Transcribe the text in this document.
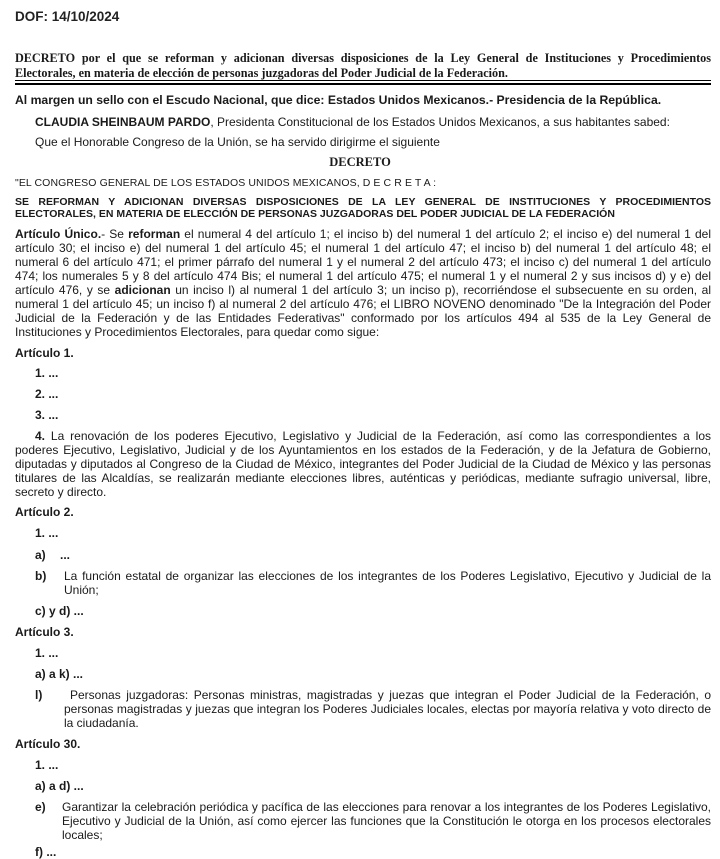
DOF: 14/10/2024
DECRETO por el que se reforman y adicionan diversas disposiciones de la Ley General de Instituciones y Procedimientos Electorales, en materia de elección de personas juzgadoras del Poder Judicial de la Federación.
Al margen un sello con el Escudo Nacional, que dice: Estados Unidos Mexicanos.- Presidencia de la República.
CLAUDIA SHEINBAUM PARDO, Presidenta Constitucional de los Estados Unidos Mexicanos, a sus habitantes sabed:
Que el Honorable Congreso de la Unión, se ha servido dirigirme el siguiente
DECRETO
"EL CONGRESO GENERAL DE LOS ESTADOS UNIDOS MEXICANOS, D E C R E T A :
SE REFORMAN Y ADICIONAN DIVERSAS DISPOSICIONES DE LA LEY GENERAL DE INSTITUCIONES Y PROCEDIMIENTOS ELECTORALES, EN MATERIA DE ELECCIÓN DE PERSONAS JUZGADORAS DEL PODER JUDICIAL DE LA FEDERACIÓN
Artículo Único.- Se reforman el numeral 4 del artículo 1; el inciso b) del numeral 1 del artículo 2; el inciso e) del numeral 1 del artículo 30; el inciso e) del numeral 1 del artículo 45; el numeral 1 del artículo 47; el inciso b) del numeral 1 del artículo 48; el numeral 6 del artículo 471; el primer párrafo del numeral 1 y el numeral 2 del artículo 473; el inciso c) del numeral 1 del artículo 474; los numerales 5 y 8 del artículo 474 Bis; el numeral 1 del artículo 475; el numeral 1 y el numeral 2 y sus incisos d) y e) del artículo 476, y se adicionan un inciso l) al numeral 1 del artículo 3; un inciso p), recorriéndose el subsecuente en su orden, al numeral 1 del artículo 45; un inciso f) al numeral 2 del artículo 476; el LIBRO NOVENO denominado "De la Integración del Poder Judicial de la Federación y de las Entidades Federativas" conformado por los artículos 494 al 535 de la Ley General de Instituciones y Procedimientos Electorales, para quedar como sigue:
Artículo 1.
1. ...
2. ...
3. ...
4. La renovación de los poderes Ejecutivo, Legislativo y Judicial de la Federación, así como las correspondientes a los poderes Ejecutivo, Legislativo, Judicial y de los Ayuntamientos en los estados de la Federación, y de la Jefatura de Gobierno, diputadas y diputados al Congreso de la Ciudad de México, integrantes del Poder Judicial de la Ciudad de México y las personas titulares de las Alcaldías, se realizarán mediante elecciones libres, auténticas y periódicas, mediante sufragio universal, libre, secreto y directo.
Artículo 2.
1. ...
a) ...
b) La función estatal de organizar las elecciones de los integrantes de los Poderes Legislativo, Ejecutivo y Judicial de la Unión;
c) y d) ...
Artículo 3.
1. ...
a) a k) ...
l)	Personas juzgadoras: Personas ministras, magistradas y juezas que integran el Poder Judicial de la Federación, o personas magistradas y juezas que integran los Poderes Judiciales locales, electas por mayoría relativa y voto directo de la ciudadanía.
Artículo 30.
1. ...
a) a d) ...
e) Garantizar la celebración periódica y pacífica de las elecciones para renovar a los integrantes de los Poderes Legislativo, Ejecutivo y Judicial de la Unión, así como ejercer las funciones que la Constitución le otorga en los procesos electorales locales;
f) ...
